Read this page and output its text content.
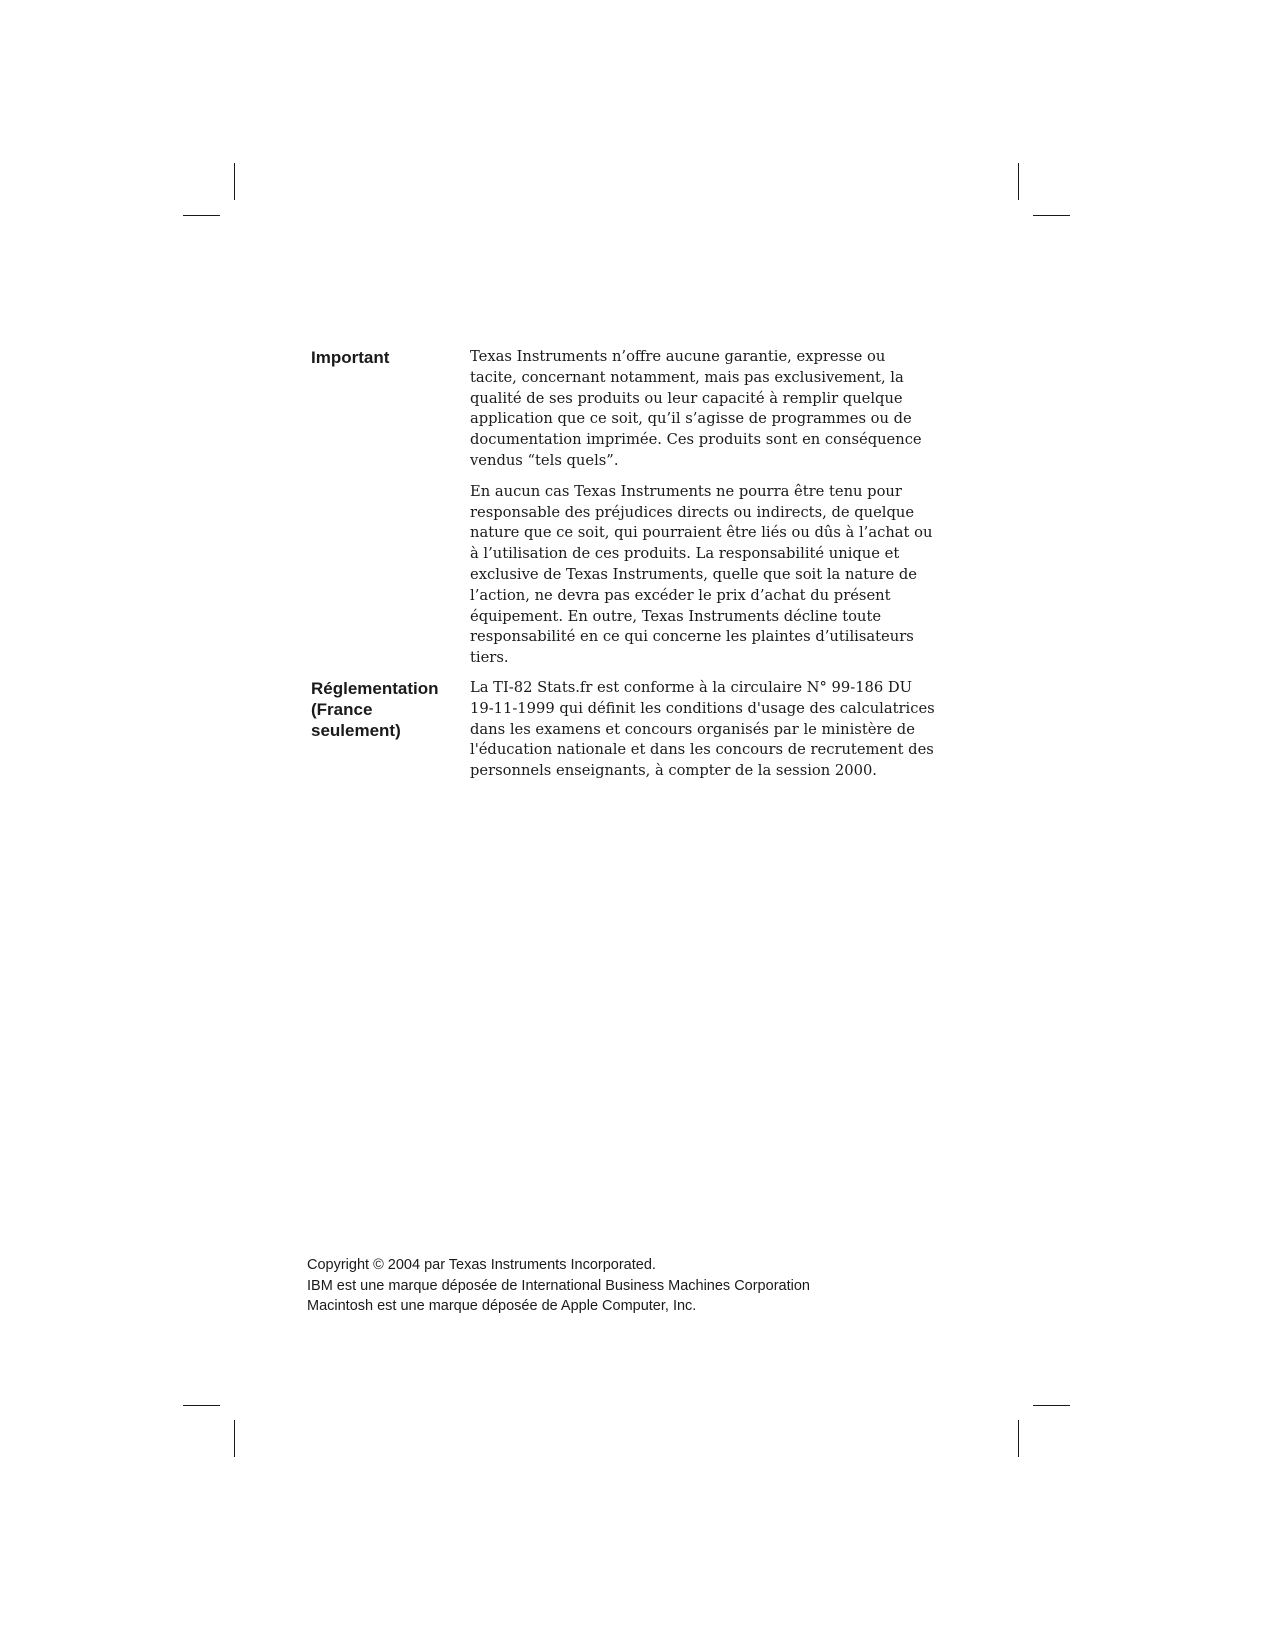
Important	Texas Instruments n’offre aucune garantie, expresse ou
tacite, concernant notamment, mais pas exclusivement, la
qualité de ses produits ou leur capacité à remplir quelque
application que ce soit, qu’il s’agisse de programmes ou de
documentation imprimée. Ces produits sont en conséquence
vendus “tels quels”.

En aucun cas Texas Instruments ne pourra être tenu pour
responsable des préjudices directs ou indirects, de quelque
nature que ce soit, qui pourraient être liés ou dûs à l’achat ou
à l’utilisation de ces produits. La responsabilité unique et
exclusive de Texas Instruments, quelle que soit la nature de
l’action, ne devra pas excéder le prix d’achat du présent
équipement. En outre, Texas Instruments décline toute
responsabilité en ce qui concerne les plaintes d’utilisateurs
tiers.

Réglementation
(France
seulement)

La TI-82 Stats.fr est conforme à la circulaire N° 99-186 DU
19-11-1999 qui définit les conditions d'usage des calculatrices
dans les examens et concours organisés par le ministère de
l'éducation nationale et dans les concours de recrutement des
personnels enseignants, à compter de la session 2000.

Copyright © 2004 par Texas Instruments Incorporated.
IBM est une marque déposée de International Business Machines Corporation
Macintosh est une marque déposée de Apple Computer, Inc.
